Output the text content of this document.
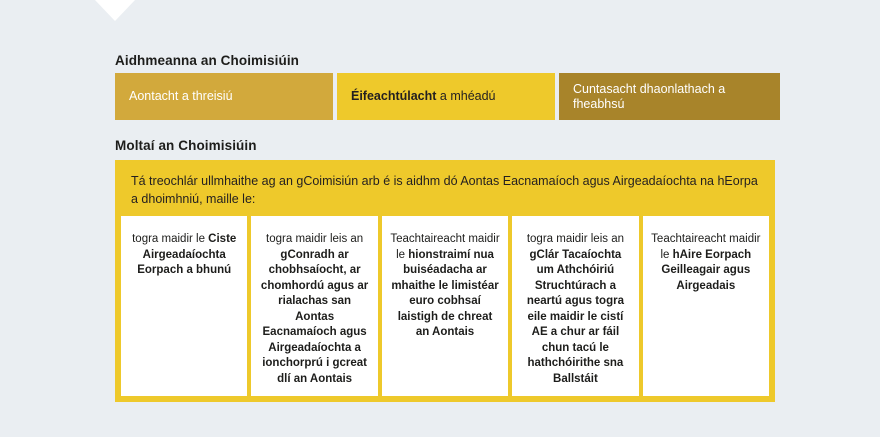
Aidhmeanna an Choimisiúin
Aontacht a threisiú	Éifeachtúlacht a mhéadú
Cuntasacht dhaonlathach a fheabhsú
Moltaí an Choimisiúin
Tá treochlár ullmhaithe ag an gCoimisiún arb é is aidhm dó Aontas Eacnamaíoch agus Airgeadaíochta na hEorpa a dhoimhniú, maille le:
togra maidir le Ciste Airgeadaíochta Eorpach a bhunú
togra maidir leis an gConradh ar chobhsaíocht, ar chomhordú agus ar rialachas san Aontas Eacnamaíoch agus Airgeadaíochta a ionchorprú i gcreat dlí an Aontais
Teachtaireacht maidir le hionstraimí nua buiséadacha ar mhaithe le limistéar euro cobhsaí laistigh de chreat an Aontais
togra maidir leis an gClár Tacaíochta um Athchóiriú Struchtúrach a neartú agus togra eile maidir le cistí AE a chur ar fáil chun tacú le hathchóirithe sna Ballstáit
Teachtaireacht maidir le hAire Eorpach Geilleagair agus Airgeadais
